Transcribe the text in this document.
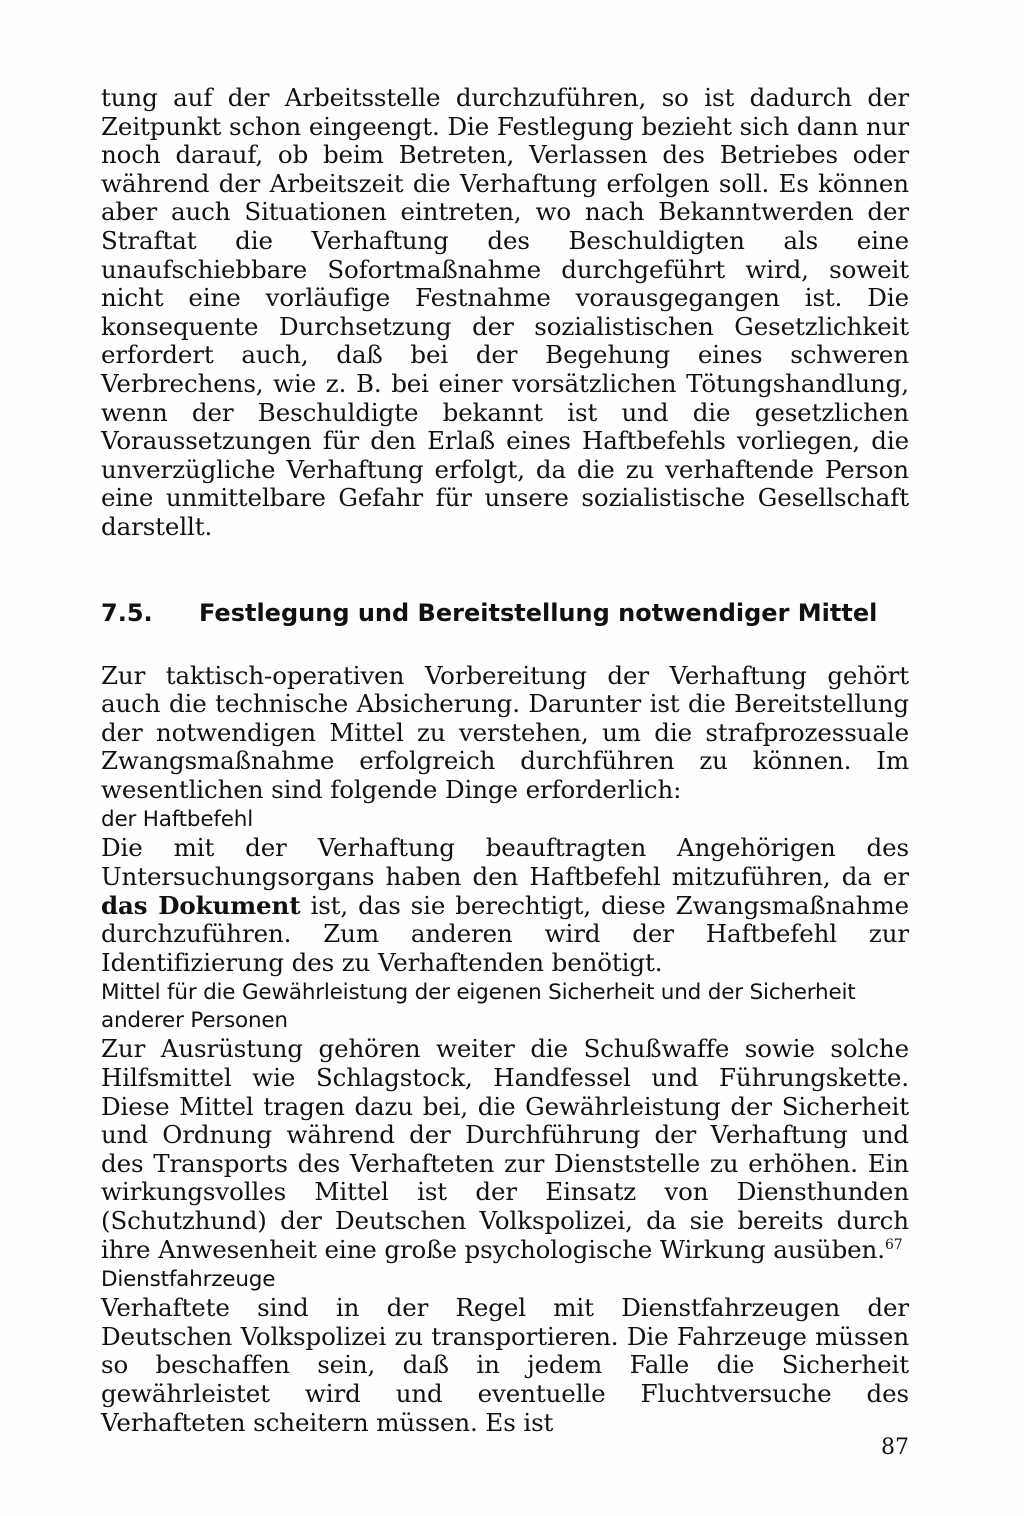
tung auf der Arbeitsstelle durchzuführen, so ist dadurch der Zeitpunkt schon eingeengt. Die Festlegung bezieht sich dann nur noch darauf, ob beim Betreten, Verlassen des Betriebes oder während der Arbeitszeit die Verhaftung erfolgen soll. Es können aber auch Situationen eintreten, wo nach Bekanntwerden der Straftat die Verhaftung des Beschuldigten als eine unaufschiebbare Sofortmaßnahme durchgeführt wird, soweit nicht eine vorläufige Festnahme vorausgegangen ist. Die konsequente Durchsetzung der sozialistischen Gesetzlichkeit erfordert auch, daß bei der Begehung eines schweren Verbrechens, wie z. B. bei einer vorsätzlichen Tötungshandlung, wenn der Beschuldigte bekannt ist und die gesetzlichen Voraussetzungen für den Erlaß eines Haftbefehls vorliegen, die unverzügliche Verhaftung erfolgt, da die zu verhaftende Person eine unmittelbare Gefahr für unsere sozialistische Gesellschaft darstellt.

7.5.	Festlegung und Bereitstellung notwendiger Mittel

Zur taktisch-operativen Vorbereitung der Verhaftung gehört auch die technische Absicherung. Darunter ist die Bereitstellung der notwendigen Mittel zu verstehen, um die strafprozessuale Zwangsmaßnahme erfolgreich durchführen zu können. Im wesentlichen sind folgende Dinge erforderlich:

der Haftbefehl

Die mit der Verhaftung beauftragten Angehörigen des Untersuchungsorgans haben den Haftbefehl mitzuführen, da er das Dokument ist, das sie berechtigt, diese Zwangsmaßnahme durchzuführen. Zum anderen wird der Haftbefehl zur Identifizierung des zu Verhaftenden benötigt.

Mittel für die Gewährleistung der eigenen Sicherheit und der Sicherheit anderer Personen

Zur Ausrüstung gehören weiter die Schußwaffe sowie solche Hilfsmittel wie Schlagstock, Handfessel und Führungskette. Diese Mittel tragen dazu bei, die Gewährleistung der Sicherheit und Ordnung während der Durchführung der Verhaftung und des Transports des Verhafteten zur Dienststelle zu erhöhen. Ein wirkungsvolles Mittel ist der Einsatz von Diensthunden (Schutzhund) der Deutschen Volkspolizei, da sie bereits durch ihre Anwesenheit eine große psychologische Wirkung ausüben.$^{67}$

Dienstfahrzeuge

Verhaftete sind in der Regel mit Dienstfahrzeugen der Deutschen Volkspolizei zu transportieren. Die Fahrzeuge müssen so beschaffen sein, daß in jedem Falle die Sicherheit gewährleistet wird und eventuelle Fluchtversuche des Verhafteten scheitern müssen. Es ist

87
